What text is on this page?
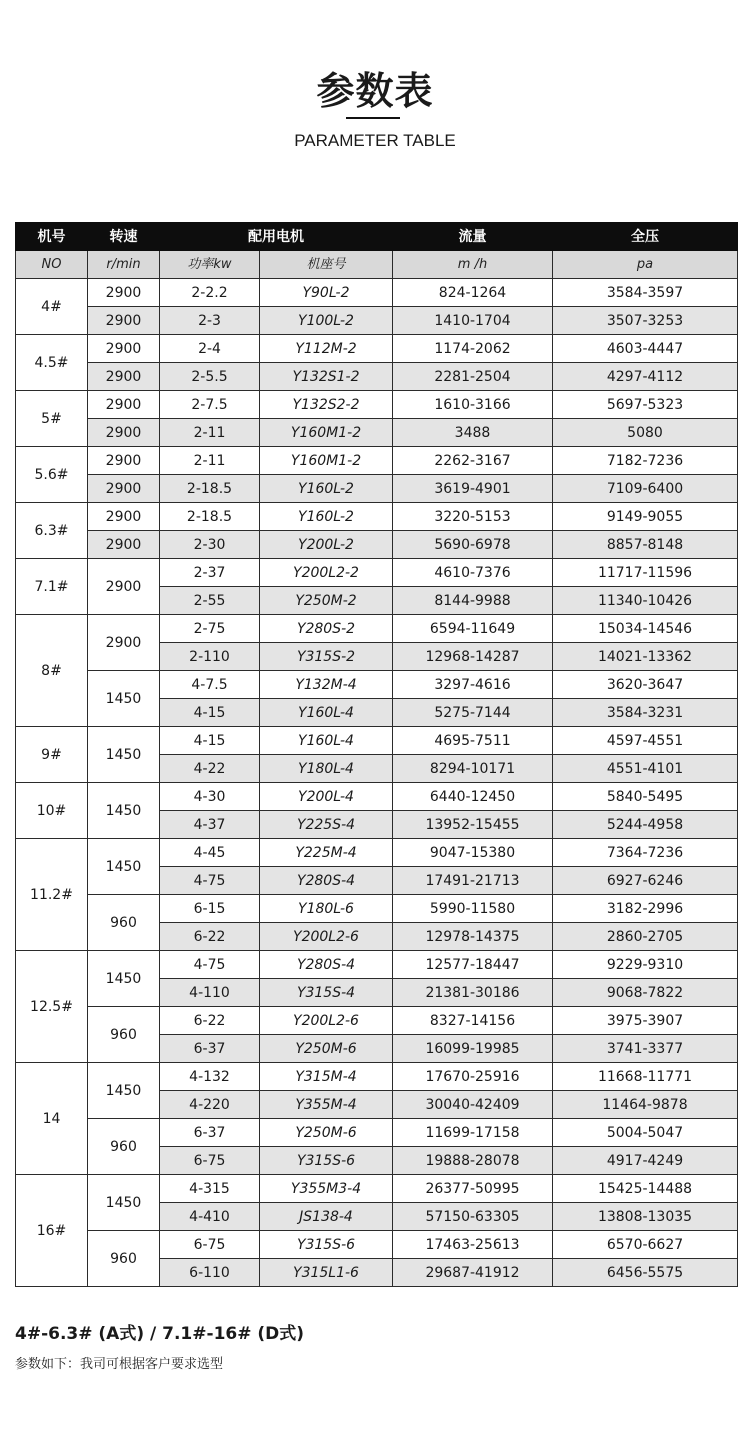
参数表
PARAMETER TABLE
机号	转速	配用电机		流量	全压
NO	r/min	功率kw	机座号	m /h	pa
4#	2900	2-2.2	Y90L-2	824-1264	3584-3597
	2900	2-3	Y100L-2	1410-1704	3507-3253
4.5#	2900	2-4	Y112M-2	1174-2062	4603-4447
	2900	2-5.5	Y132S1-2	2281-2504	4297-4112
5#	2900	2-7.5	Y132S2-2	1610-3166	5697-5323
	2900	2-11	Y160M1-2	3488	5080
5.6#	2900	2-11	Y160M1-2	2262-3167	7182-7236
	2900	2-18.5	Y160L-2	3619-4901	7109-6400
6.3#	2900	2-18.5	Y160L-2	3220-5153	9149-9055
	2900	2-30	Y200L-2	5690-6978	8857-8148
7.1#	2900	2-37	Y200L2-2	4610-7376	11717-11596
		2-55	Y250M-2	8144-9988	11340-10426
8#	2900	2-75	Y280S-2	6594-11649	15034-14546
		2-110	Y315S-2	12968-14287	14021-13362
	1450	4-7.5	Y132M-4	3297-4616	3620-3647
		4-15	Y160L-4	5275-7144	3584-3231
9#	1450	4-15	Y160L-4	4695-7511	4597-4551
		4-22	Y180L-4	8294-10171	4551-4101
10#	1450	4-30	Y200L-4	6440-12450	5840-5495
		4-37	Y225S-4	13952-15455	5244-4958
11.2#	1450	4-45	Y225M-4	9047-15380	7364-7236
		4-75	Y280S-4	17491-21713	6927-6246
	960	6-15	Y180L-6	5990-11580	3182-2996
		6-22	Y200L2-6	12978-14375	2860-2705
12.5#	1450	4-75	Y280S-4	12577-18447	9229-9310
		4-110	Y315S-4	21381-30186	9068-7822
	960	6-22	Y200L2-6	8327-14156	3975-3907
		6-37	Y250M-6	16099-19985	3741-3377
14	1450	4-132	Y315M-4	17670-25916	11668-11771
		4-220	Y355M-4	30040-42409	11464-9878
	960	6-37	Y250M-6	11699-17158	5004-5047
		6-75	Y315S-6	19888-28078	4917-4249
16#	1450	4-315	Y355M3-4	26377-50995	15425-14488
		4-410	JS138-4	57150-63305	13808-13035
	960	6-75	Y315S-6	17463-25613	6570-6627
		6-110	Y315L1-6	29687-41912	6456-5575
4#-6.3# (A式) / 7.1#-16# (D式)
参数如下：我司可根据客户要求选型
